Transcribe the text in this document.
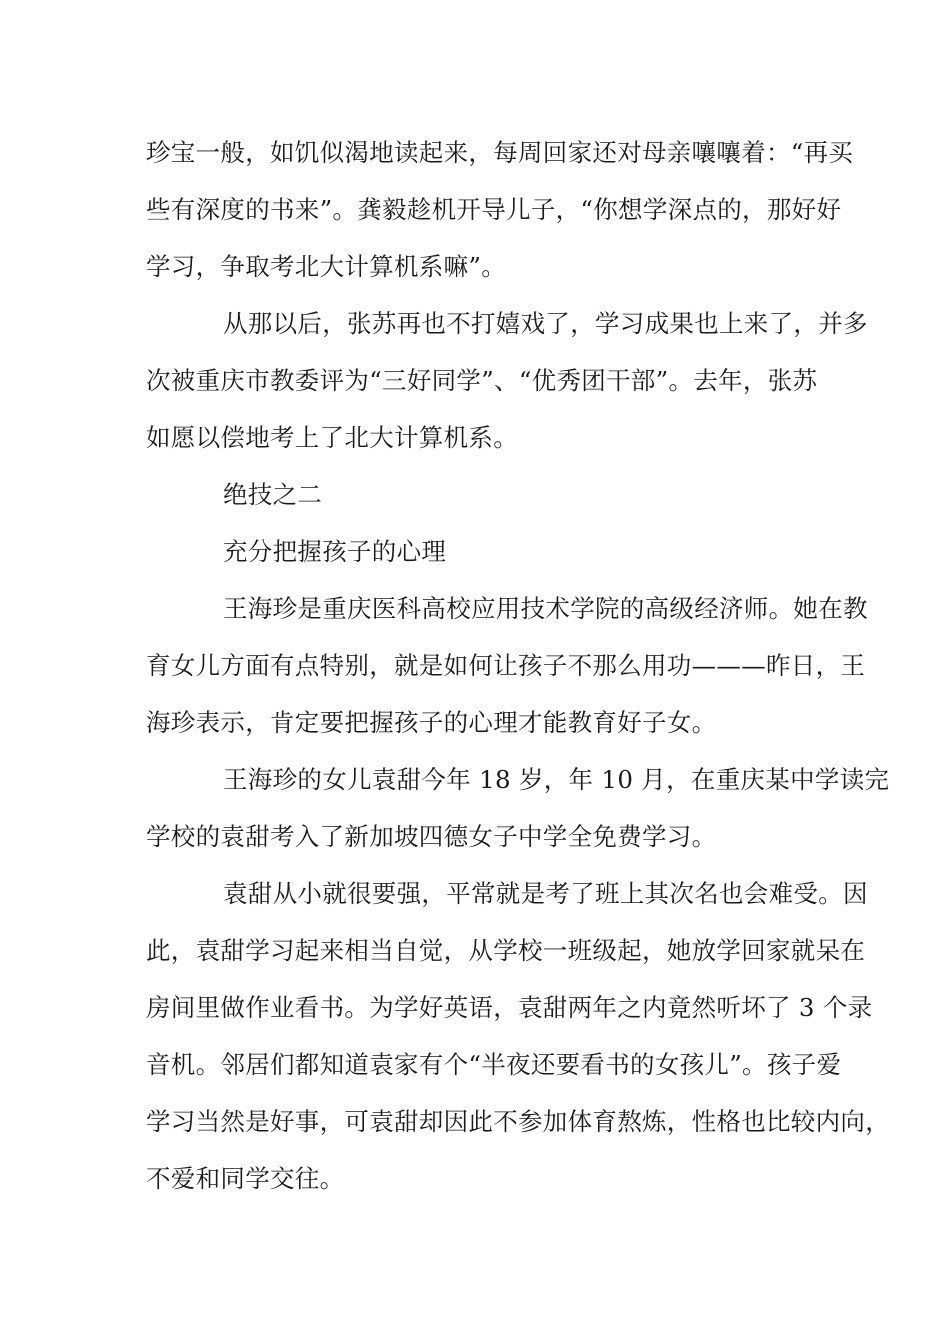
珍宝一般，如饥似渴地读起来，每周回家还对母亲嚷嚷着：“再买
些有深度的书来”。龚毅趁机开导儿子，“你想学深点的，那好好
学习，争取考北大计算机系嘛”。
从那以后，张苏再也不打嬉戏了，学习成果也上来了，并多
次被重庆市教委评为“三好同学”、“优秀团干部”。去年，张苏
如愿以偿地考上了北大计算机系。
绝技之二
充分把握孩子的心理
王海珍是重庆医科高校应用技术学院的高级经济师。她在教
育女儿方面有点特别，就是如何让孩子不那么用功———昨日，王
海珍表示，肯定要把握孩子的心理才能教育好子女。
王海珍的女儿袁甜今年 18 岁，年 10 月，在重庆某中学读完
学校的袁甜考入了新加坡四德女子中学全免费学习。
袁甜从小就很要强，平常就是考了班上其次名也会难受。因
此，袁甜学习起来相当自觉，从学校一班级起，她放学回家就呆在
房间里做作业看书。为学好英语，袁甜两年之内竟然听坏了 3 个录
音机。邻居们都知道袁家有个“半夜还要看书的女孩儿”。孩子爱
学习当然是好事，可袁甜却因此不参加体育熬炼，性格也比较内向，
不爱和同学交往。
